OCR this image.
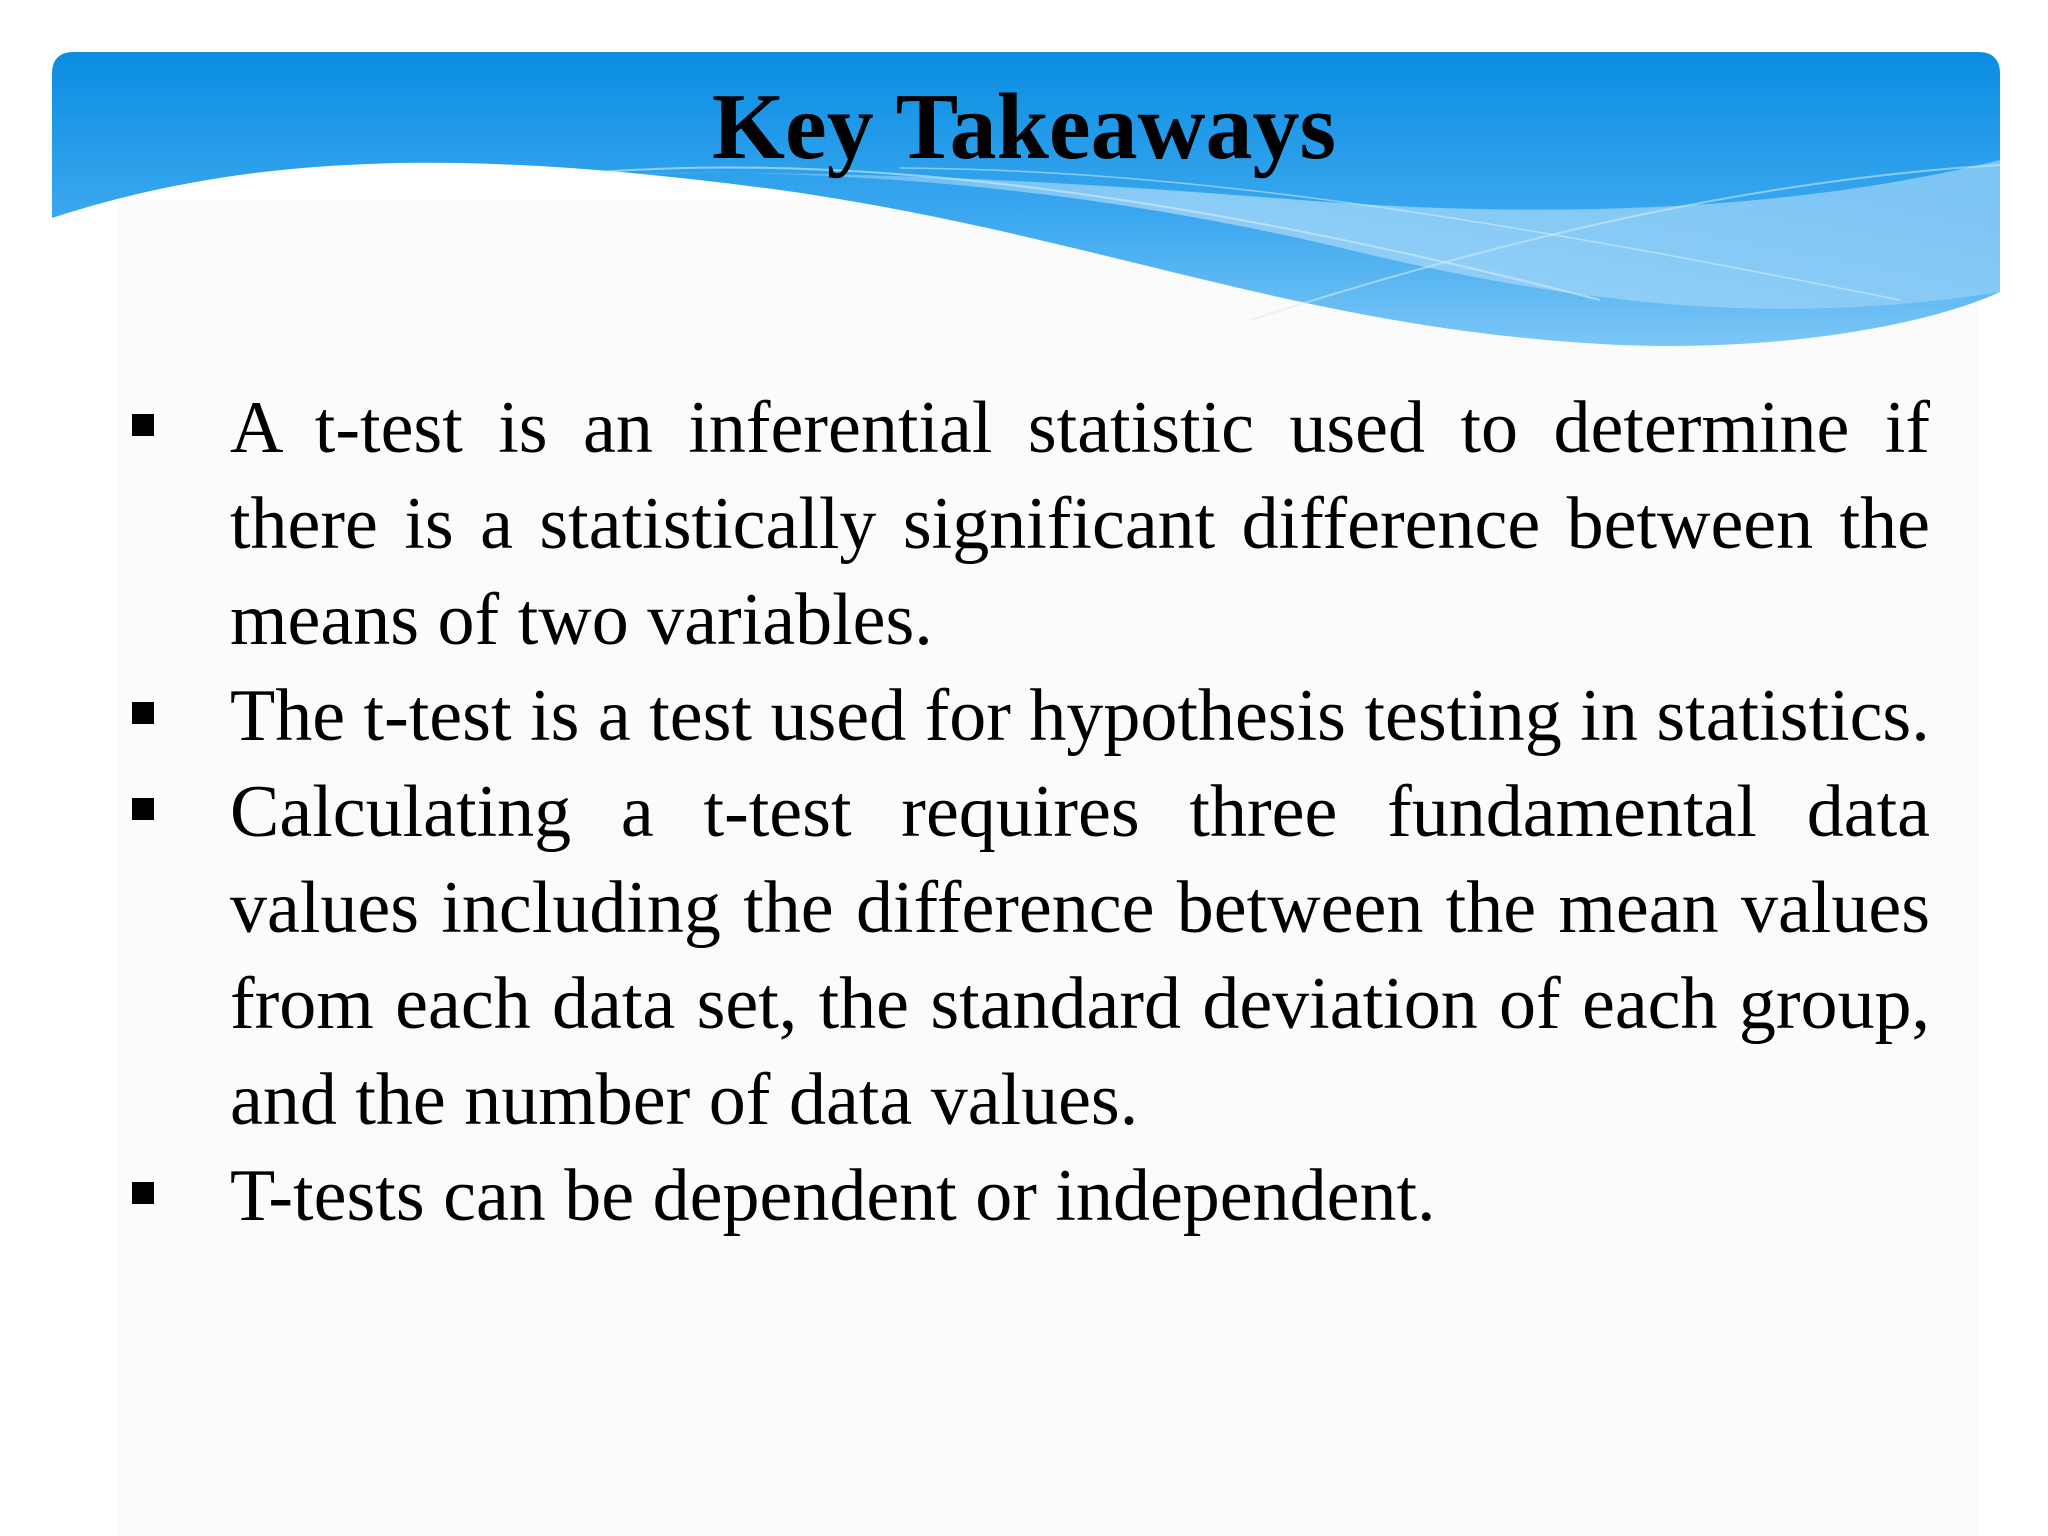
Key Takeaways
A t-test is an inferential statistic used to determine if there is a statistically significant difference between the means of two variables.
The t-test is a test used for hypothesis testing in statistics.
Calculating a t-test requires three fundamental data values including the difference between the mean values from each data set, the standard deviation of each group, and the number of data values.
T-tests can be dependent or independent.
